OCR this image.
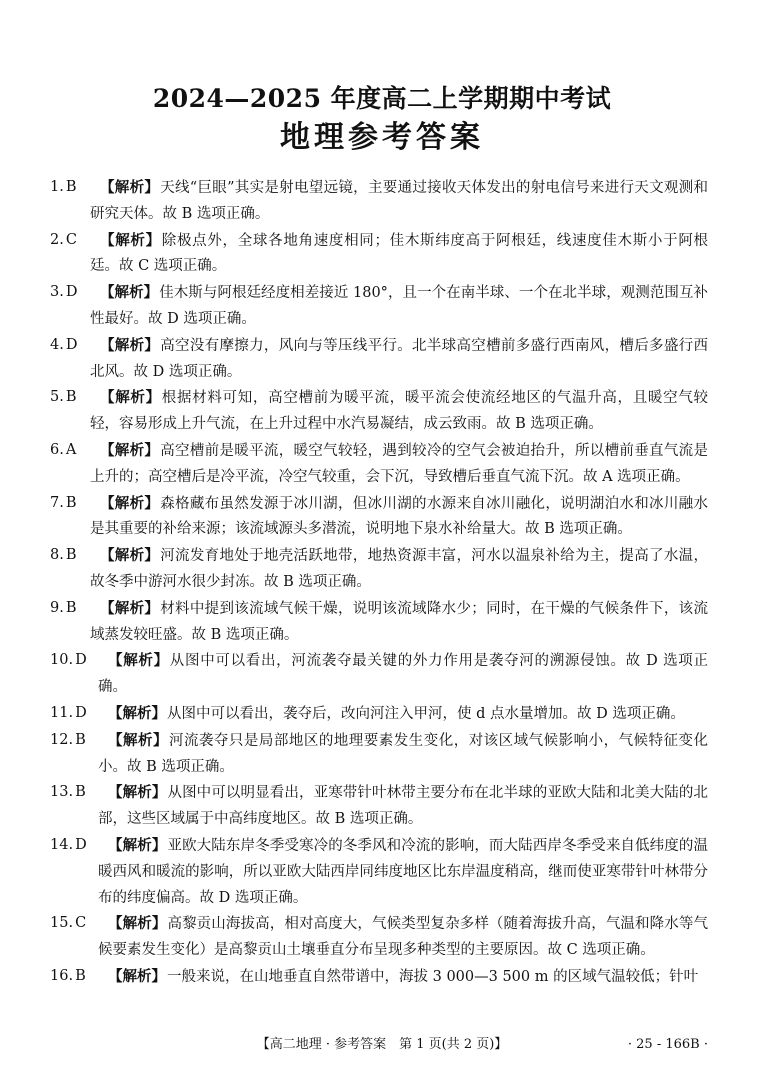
2024—2025 年度高二上学期期中考试
地理参考答案
1. B	【解析】天线“巨眼”其实是射电望远镜，主要通过接收天体发出的射电信号来进行天文观测和研究天体。故 B 选项正确。
2. C	【解析】除极点外，全球各地角速度相同；佳木斯纬度高于阿根廷，线速度佳木斯小于阿根廷。故 C 选项正确。
3. D	【解析】佳木斯与阿根廷经度相差接近 180°，且一个在南半球、一个在北半球，观测范围互补性最好。故 D 选项正确。
4. D	【解析】高空没有摩擦力，风向与等压线平行。北半球高空槽前多盛行西南风，槽后多盛行西北风。故 D 选项正确。
5. B	【解析】根据材料可知，高空槽前为暖平流，暖平流会使流经地区的气温升高，且暖空气较轻，容易形成上升气流，在上升过程中水汽易凝结，成云致雨。故 B 选项正确。
6. A	【解析】高空槽前是暖平流，暖空气较轻，遇到较冷的空气会被迫抬升，所以槽前垂直气流是上升的；高空槽后是冷平流，冷空气较重，会下沉，导致槽后垂直气流下沉。故 A 选项正确。
7. B	【解析】森格藏布虽然发源于冰川湖，但冰川湖的水源来自冰川融化，说明湖泊水和冰川融水是其重要的补给来源；该流域源头多潜流，说明地下泉水补给量大。故 B 选项正确。
8. B	【解析】河流发育地处于地壳活跃地带，地热资源丰富，河水以温泉补给为主，提高了水温，故冬季中游河水很少封冻。故 B 选项正确。
9. B	【解析】材料中提到该流域气候干燥，说明该流域降水少；同时，在干燥的气候条件下，该流域蒸发较旺盛。故 B 选项正确。
10. D	【解析】从图中可以看出，河流袭夺最关键的外力作用是袭夺河的溯源侵蚀。故 D 选项正确。
11. D	【解析】从图中可以看出，袭夺后，改向河注入甲河，使 d 点水量增加。故 D 选项正确。
12. B	【解析】河流袭夺只是局部地区的地理要素发生变化，对该区域气候影响小，气候特征变化小。故 B 选项正确。
13. B	【解析】从图中可以明显看出，亚寒带针叶林带主要分布在北半球的亚欧大陆和北美大陆的北部，这些区域属于中高纬度地区。故 B 选项正确。
14. D	【解析】亚欧大陆东岸冬季受寒冷的冬季风和冷流的影响，而大陆西岸冬季受来自低纬度的温暖西风和暖流的影响，所以亚欧大陆西岸同纬度地区比东岸温度稍高，继而使亚寒带针叶林带分布的纬度偏高。故 D 选项正确。
15. C	【解析】高黎贡山海拔高，相对高度大，气候类型复杂多样（随着海拔升高，气温和降水等气候要素发生变化）是高黎贡山土壤垂直分布呈现多种类型的主要原因。故 C 选项正确。
16. B	【解析】一般来说，在山地垂直自然带谱中，海拔 3 000—3 500 m 的区域气温较低；针叶
【高二地理 · 参考答案　第 1 页(共 2 页)】	· 25 - 166B ·
